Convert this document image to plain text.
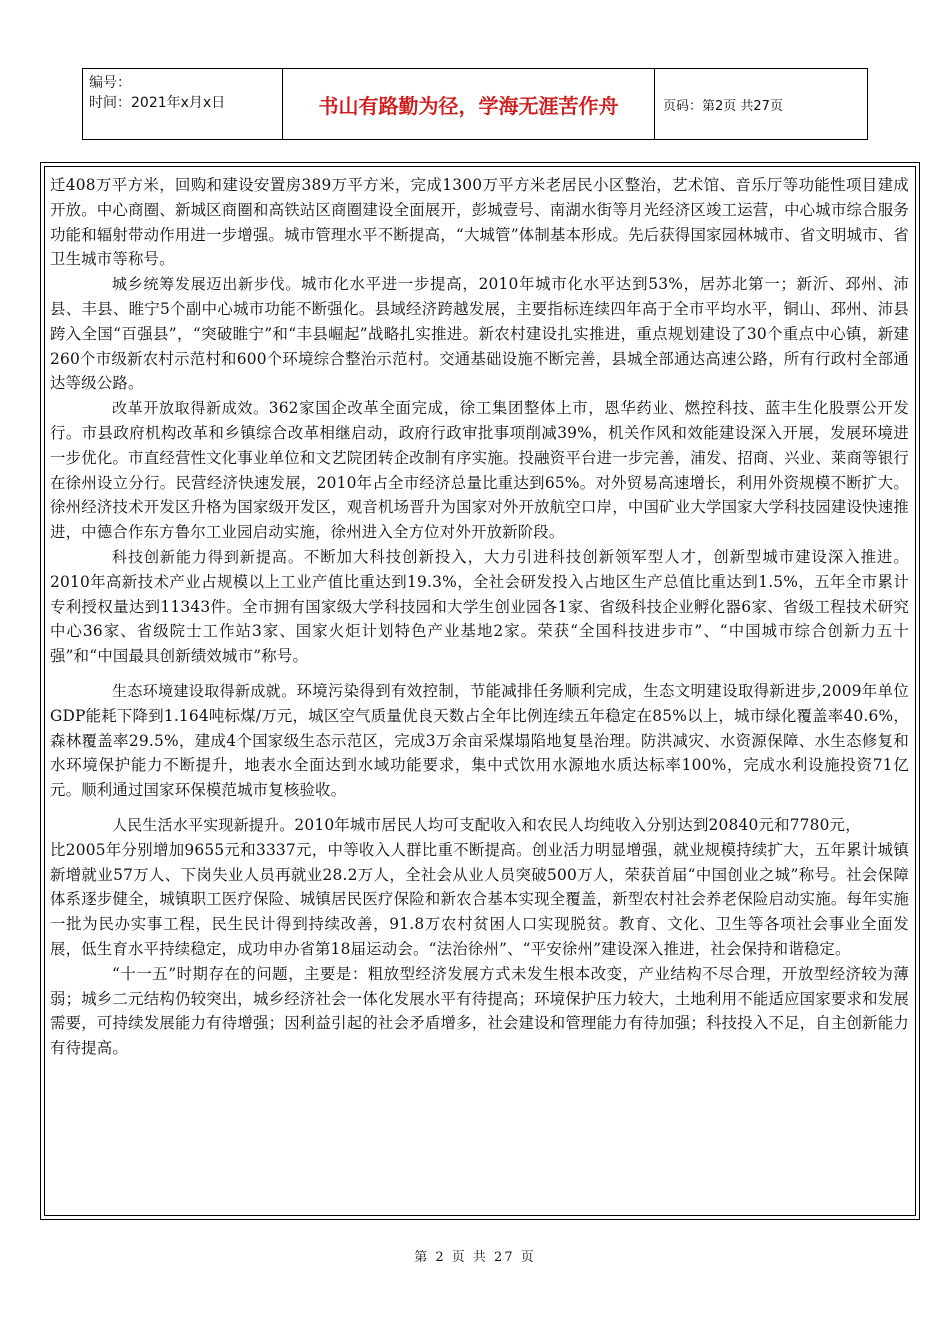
编号：
时间：2021年x月x日	书山有路勤为径，学海无涯苦作舟	页码：第2页 共27页

迁408万平方米，回购和建设安置房389万平方米，完成1300万平方米老居民小区整治，艺术馆、音乐厅等功能性项目建成开放。中心商圈、新城区商圈和高铁站区商圈建设全面展开，彭城壹号、南湖水街等月光经济区竣工运营，中心城市综合服务功能和辐射带动作用进一步增强。城市管理水平不断提高，“大城管”体制基本形成。先后获得国家园林城市、省文明城市、省卫生城市等称号。

城乡统筹发展迈出新步伐。城市化水平进一步提高，2010年城市化水平达到53%，居苏北第一；新沂、邳州、沛县、丰县、睢宁5个副中心城市功能不断强化。县域经济跨越发展，主要指标连续四年高于全市平均水平，铜山、邳州、沛县跨入全国“百强县”，“突破睢宁”和“丰县崛起”战略扎实推进。新农村建设扎实推进，重点规划建设了30个重点中心镇，新建260个市级新农村示范村和600个环境综合整治示范村。交通基础设施不断完善，县城全部通达高速公路，所有行政村全部通达等级公路。

改革开放取得新成效。362家国企改革全面完成，徐工集团整体上市，恩华药业、燃控科技、蓝丰生化股票公开发行。市县政府机构改革和乡镇综合改革相继启动，政府行政审批事项削减39%，机关作风和效能建设深入开展，发展环境进一步优化。市直经营性文化事业单位和文艺院团转企改制有序实施。投融资平台进一步完善，浦发、招商、兴业、莱商等银行在徐州设立分行。民营经济快速发展，2010年占全市经济总量比重达到65%。对外贸易高速增长，利用外资规模不断扩大。徐州经济技术开发区升格为国家级开发区，观音机场晋升为国家对外开放航空口岸，中国矿业大学国家大学科技园建设快速推进，中德合作东方鲁尔工业园启动实施，徐州进入全方位对外开放新阶段。

科技创新能力得到新提高。不断加大科技创新投入，大力引进科技创新领军型人才，创新型城市建设深入推进。2010年高新技术产业占规模以上工业产值比重达到19.3%，全社会研发投入占地区生产总值比重达到1.5%，五年全市累计专利授权量达到11343件。全市拥有国家级大学科技园和大学生创业园各1家、省级科技企业孵化器6家、省级工程技术研究中心36家、省级院士工作站3家、国家火炬计划特色产业基地2家。荣获“全国科技进步市”、“中国城市综合创新力五十强”和“中国最具创新绩效城市”称号。

生态环境建设取得新成就。环境污染得到有效控制，节能减排任务顺利完成，生态文明建设取得新进步,2009年单位GDP能耗下降到1.164吨标煤/万元，城区空气质量优良天数占全年比例连续五年稳定在85%以上，城市绿化覆盖率40.6%，森林覆盖率29.5%，建成4个国家级生态示范区，完成3万余亩采煤塌陷地复垦治理。防洪减灾、水资源保障、水生态修复和水环境保护能力不断提升，地表水全面达到水域功能要求，集中式饮用水源地水质达标率100%，完成水利设施投资71亿元。顺利通过国家环保模范城市复核验收。

人民生活水平实现新提升。2010年城市居民人均可支配收入和农民人均纯收入分别达到20840元和7780元，

比2005年分别增加9655元和3337元，中等收入人群比重不断提高。创业活力明显增强，就业规模持续扩大，五年累计城镇新增就业57万人、下岗失业人员再就业28.2万人，全社会从业人员突破500万人，荣获首届“中国创业之城”称号。社会保障体系逐步健全，城镇职工医疗保险、城镇居民医疗保险和新农合基本实现全覆盖，新型农村社会养老保险启动实施。每年实施一批为民办实事工程，民生民计得到持续改善，91.8万农村贫困人口实现脱贫。教育、文化、卫生等各项社会事业全面发展，低生育水平持续稳定，成功申办省第18届运动会。“法治徐州”、“平安徐州”建设深入推进，社会保持和谐稳定。

“十一五”时期存在的问题，主要是：粗放型经济发展方式未发生根本改变，产业结构不尽合理，开放型经济较为薄弱；城乡二元结构仍较突出，城乡经济社会一体化发展水平有待提高；环境保护压力较大，土地利用不能适应国家要求和发展需要，可持续发展能力有待增强；因利益引起的社会矛盾增多，社会建设和管理能力有待加强；科技投入不足，自主创新能力有待提高。

第 2 页 共 27 页
